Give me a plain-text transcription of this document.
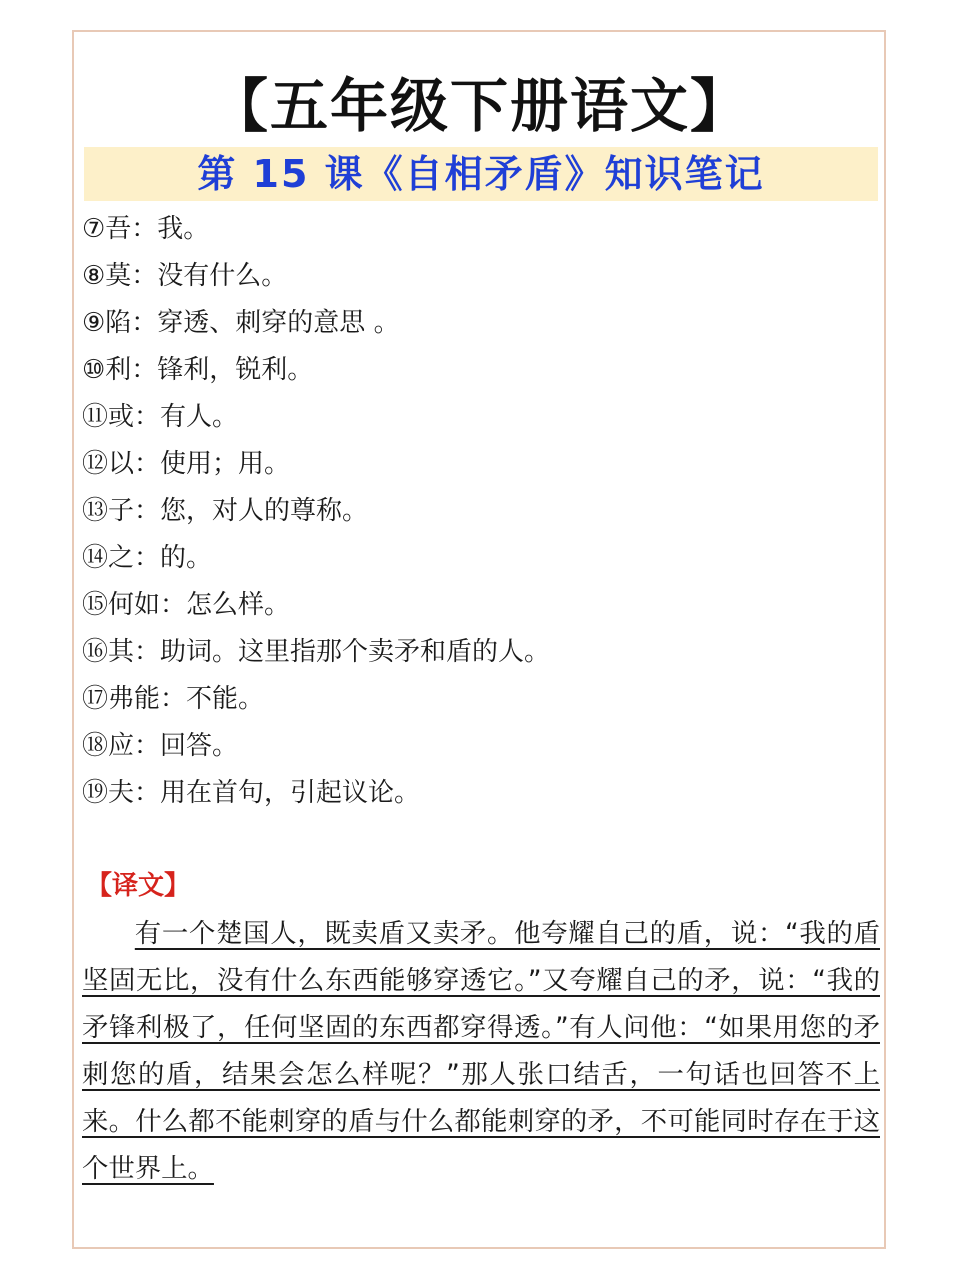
【五年级下册语文】
第 15 课《自相矛盾》知识笔记
⑦吾：我。
⑧莫：没有什么。
⑨陷：穿透、刺穿的意思 。
⑩利：锋利，锐利。
⑪或：有人。
⑫以：使用；用。
⑬子：您，对人的尊称。
⑭之：的。
⑮何如：怎么样。
⑯其：助词。这里指那个卖矛和盾的人。
⑰弗能：不能。
⑱应：回答。
⑲夫：用在首句，引起议论。
【译文】

有一个楚国人，既卖盾又卖矛。他夸耀自己的盾，说：“我的盾坚固无比，没有什么东西能够穿透它。”又夸耀自己的矛，说：“我的矛锋利极了，任何坚固的东西都穿得透。”有人问他：“如果用您的矛刺您的盾，结果会怎么样呢？”那人张口结舌，一句话也回答不上来。什么都不能刺穿的盾与什么都能刺穿的矛，不可能同时存在于这个世界上。
